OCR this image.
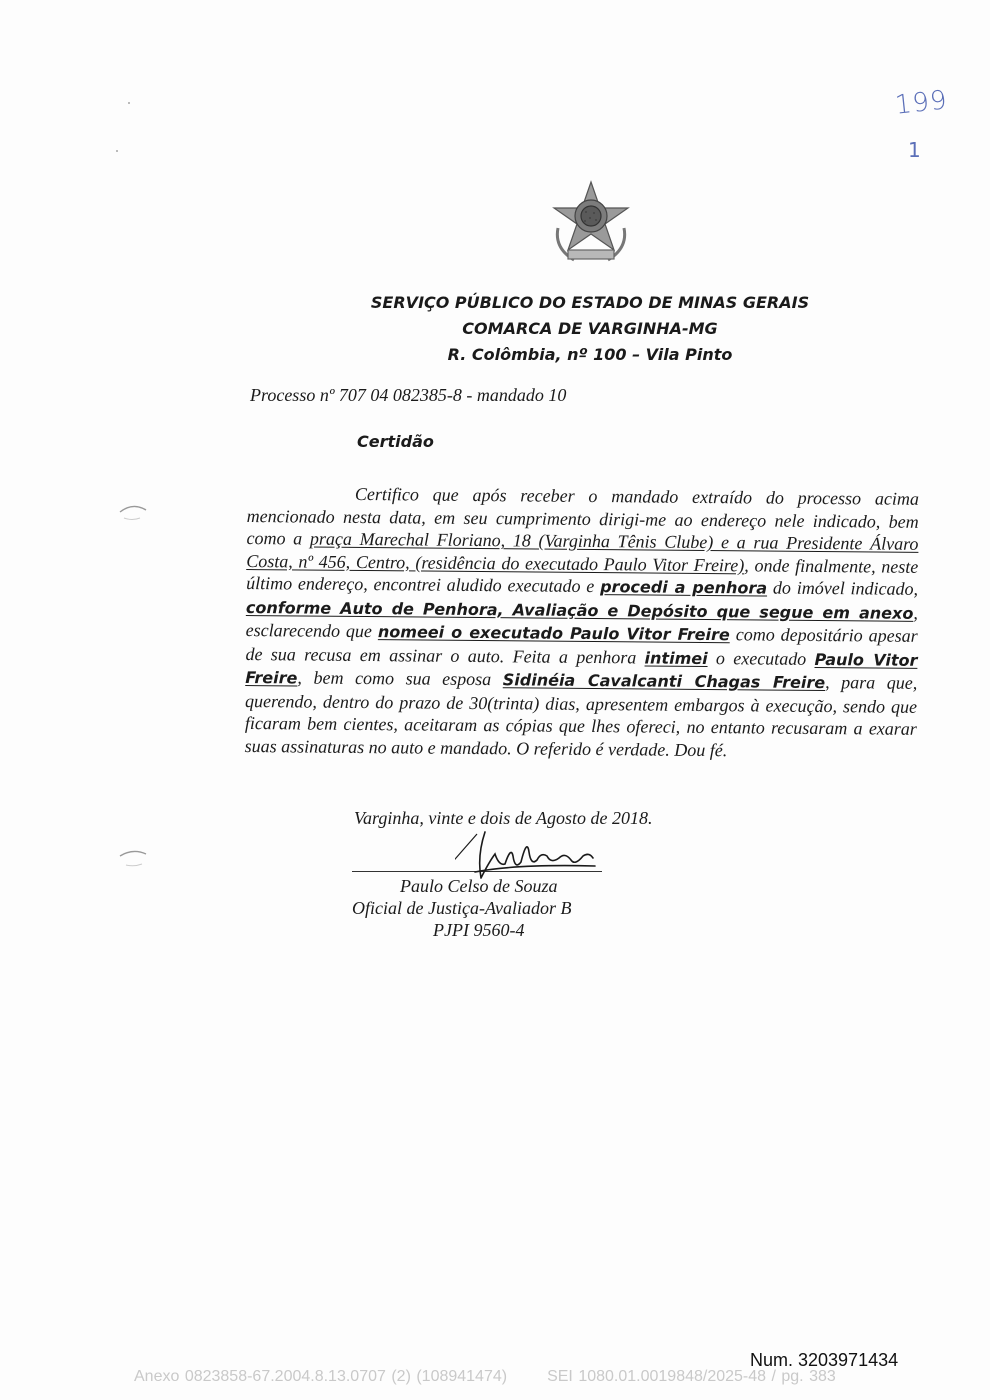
199
1
SERVIÇO PÚBLICO DO ESTADO DE MINAS GERAIS
COMARCA DE VARGINHA-MG
R. Colômbia, nº 100 – Vila Pinto
Processo nº 707 04 082385-8 - mandado 10
Certidão
Certifico que após receber o mandado extraído do processo acima mencionado nesta data, em seu cumprimento dirigi-me ao endereço nele indicado, bem como a praça Marechal Floriano, 18 (Varginha Tênis Clube) e a rua Presidente Álvaro Costa, nº 456, Centro, (residência do executado Paulo Vitor Freire), onde finalmente, neste último endereço, encontrei aludido executado e procedi a penhora do imóvel indicado, conforme Auto de Penhora, Avaliação e Depósito que segue em anexo, esclarecendo que nomeei o executado Paulo Vitor Freire como depositário apesar de sua recusa em assinar o auto. Feita a penhora intimei o executado Paulo Vitor Freire, bem como sua esposa Sidinéia Cavalcanti Chagas Freire, para que, querendo, dentro do prazo de 30(trinta) dias, apresentem embargos à execução, sendo que ficaram bem cientes, aceitaram as cópias que lhes ofereci, no entanto recusaram a exarar suas assinaturas no auto e mandado. O referido é verdade. Dou fé.
Varginha, vinte e dois de Agosto de 2018.
Paulo Celso de Souza
Oficial de Justiça-Avaliador B
PJPI 9560-4
Num. 3203971434
Anexo 0823858-67.2004.8.13.0707 (2) (108941474)	SEI 1080.01.0019848/2025-48 / pg. 383
